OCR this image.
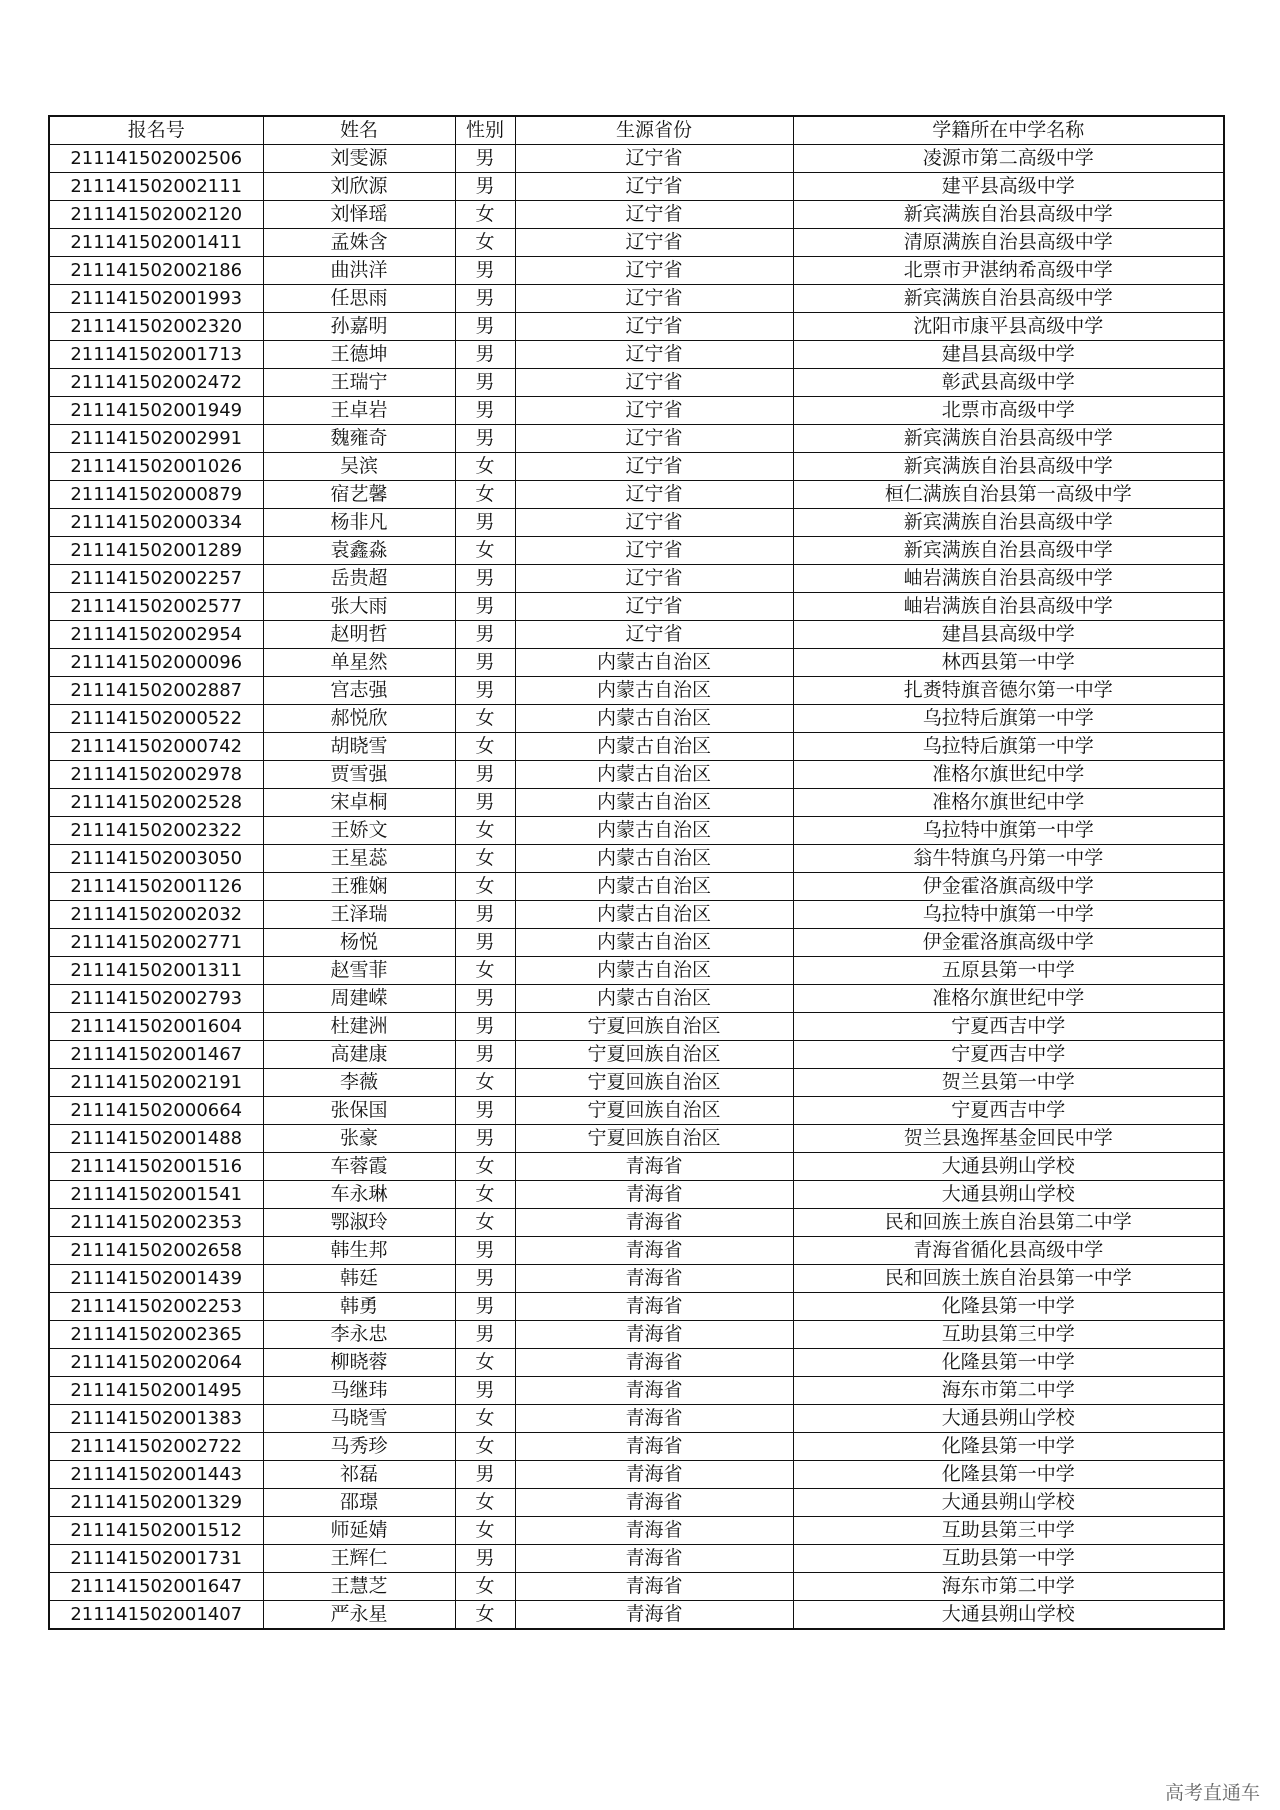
报名号	姓名	性别	生源省份	学籍所在中学名称
211141502002506	刘雯源	男	辽宁省	凌源市第二高级中学
211141502002111	刘欣源	男	辽宁省	建平县高级中学
211141502002120	刘怿瑶	女	辽宁省	新宾满族自治县高级中学
211141502001411	孟姝含	女	辽宁省	清原满族自治县高级中学
211141502002186	曲洪洋	男	辽宁省	北票市尹湛纳希高级中学
211141502001993	任思雨	男	辽宁省	新宾满族自治县高级中学
211141502002320	孙嘉明	男	辽宁省	沈阳市康平县高级中学
211141502001713	王德坤	男	辽宁省	建昌县高级中学
211141502002472	王瑞宁	男	辽宁省	彰武县高级中学
211141502001949	王卓岩	男	辽宁省	北票市高级中学
211141502002991	魏雍奇	男	辽宁省	新宾满族自治县高级中学
211141502001026	吴滨	女	辽宁省	新宾满族自治县高级中学
211141502000879	宿艺馨	女	辽宁省	桓仁满族自治县第一高级中学
211141502000334	杨非凡	男	辽宁省	新宾满族自治县高级中学
211141502001289	袁鑫淼	女	辽宁省	新宾满族自治县高级中学
211141502002257	岳贵超	男	辽宁省	岫岩满族自治县高级中学
211141502002577	张大雨	男	辽宁省	岫岩满族自治县高级中学
211141502002954	赵明哲	男	辽宁省	建昌县高级中学
211141502000096	单星然	男	内蒙古自治区	林西县第一中学
211141502002887	宫志强	男	内蒙古自治区	扎赉特旗音德尔第一中学
211141502000522	郝悦欣	女	内蒙古自治区	乌拉特后旗第一中学
211141502000742	胡晓雪	女	内蒙古自治区	乌拉特后旗第一中学
211141502002978	贾雪强	男	内蒙古自治区	准格尔旗世纪中学
211141502002528	宋卓桐	男	内蒙古自治区	准格尔旗世纪中学
211141502002322	王娇文	女	内蒙古自治区	乌拉特中旗第一中学
211141502003050	王星蕊	女	内蒙古自治区	翁牛特旗乌丹第一中学
211141502001126	王雅娴	女	内蒙古自治区	伊金霍洛旗高级中学
211141502002032	王泽瑞	男	内蒙古自治区	乌拉特中旗第一中学
211141502002771	杨悦	男	内蒙古自治区	伊金霍洛旗高级中学
211141502001311	赵雪菲	女	内蒙古自治区	五原县第一中学
211141502002793	周建嵘	男	内蒙古自治区	准格尔旗世纪中学
211141502001604	杜建洲	男	宁夏回族自治区	宁夏西吉中学
211141502001467	高建康	男	宁夏回族自治区	宁夏西吉中学
211141502002191	李薇	女	宁夏回族自治区	贺兰县第一中学
211141502000664	张保国	男	宁夏回族自治区	宁夏西吉中学
211141502001488	张豪	男	宁夏回族自治区	贺兰县逸挥基金回民中学
211141502001516	车蓉霞	女	青海省	大通县朔山学校
211141502001541	车永琳	女	青海省	大通县朔山学校
211141502002353	鄂淑玲	女	青海省	民和回族土族自治县第二中学
211141502002658	韩生邦	男	青海省	青海省循化县高级中学
211141502001439	韩廷	男	青海省	民和回族土族自治县第一中学
211141502002253	韩勇	男	青海省	化隆县第一中学
211141502002365	李永忠	男	青海省	互助县第三中学
211141502002064	柳晓蓉	女	青海省	化隆县第一中学
211141502001495	马继玮	男	青海省	海东市第二中学
211141502001383	马晓雪	女	青海省	大通县朔山学校
211141502002722	马秀珍	女	青海省	化隆县第一中学
211141502001443	祁磊	男	青海省	化隆县第一中学
211141502001329	邵璟	女	青海省	大通县朔山学校
211141502001512	师延婧	女	青海省	互助县第三中学
211141502001731	王辉仁	男	青海省	互助县第一中学
211141502001647	王慧芝	女	青海省	海东市第二中学
211141502001407	严永星	女	青海省	大通县朔山学校
高考直通车
